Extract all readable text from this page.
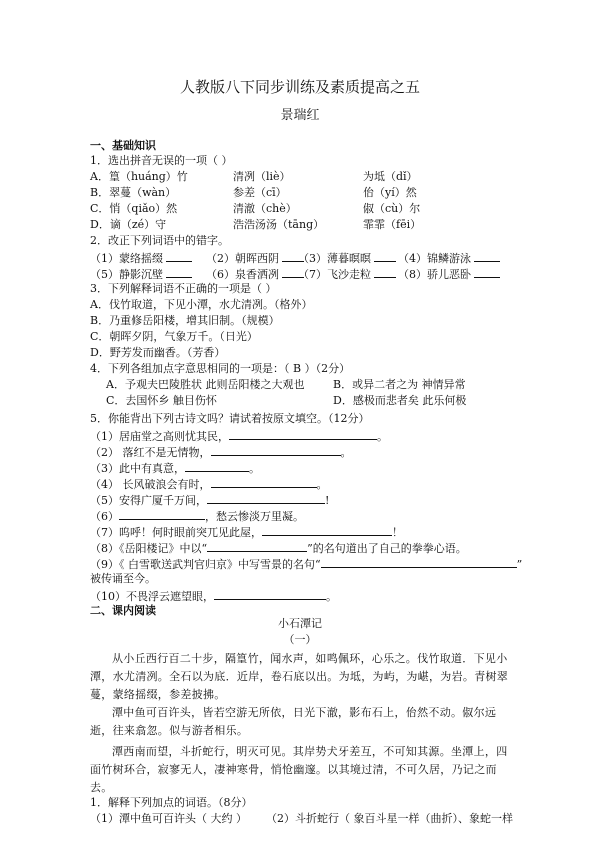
人教版八下同步训练及素质提高之五
景瑞红
一、基础知识
1．选出拼音无误的一项（ ）
A．篁（huáng）竹	清冽（liè）	为坻（dǐ）
B．翠蔓（wàn）	参差（cī）	佁（yí）然
C．悄（qiǎo）然	清澈（chè）	俶（cù）尔
D．谪（zé）守	浩浩汤汤（tāng）	霏霏（fēi）
2．改正下列词语中的错字。
（1）蒙络摇缀	（2）朝晖西阴	（3）薄暮暝暝	（4）锦鳞游泳
（5）静影沉壁	（6）泉香洒冽	（7）飞沙走粒	（8）骄儿恶卧
3．下列解释词语不正确的一项是（ ）
A．伐竹取道，下见小潭，水尤清冽。（格外）
B．乃重修岳阳楼，增其旧制。（规模）
C．朝晖夕阴，气象万千。（日光）
D．野芳发而幽香。（芳香）
4．下列各组加点字意思相同的一项是：（ B ）（2分）
A．予观夫巴陵胜状 此则岳阳楼之大观也	B．或异二者之为 神情异常
C．去国怀乡 触目伤怀	D．感极而悲者矣 此乐何极
5．你能背出下列古诗文吗？请试着按原文填空。（12分）
（1）居庙堂之高则忧其民，	。
（2） 落红不是无情物，	。
（3）此中有真意，	。
（4） 长风破浪会有时，	。
（5）安得广厦千万间，	!
（6）	，愁云惨淡万里凝。
（7）呜呼！何时眼前突兀见此屋，	！
（8）《岳阳楼记》中以“	”的名句道出了自己的拳拳心语。
（9）《 白雪歌送武判官归京》中写雪景的名句“	”
被传诵至今。
（10）不畏浮云遮望眼，	。
二、课内阅读
小石潭记
（一）
从小丘西行百二十步，隔篁竹，闻水声，如鸣佩环，心乐之。伐竹取道．下见小潭，水尤清冽。全石以为底．近岸，卷石底以出。为坻，为屿，为嵁，为岩。青树翠蔓，蒙络摇缀，参差披拂。
潭中鱼可百许头，皆若空游无所依，日光下澈，影布石上，佁然不动。俶尔远逝，往来翕忽。似与游者相乐。
潭西南而望，斗折蛇行，明灭可见。其岸势犬牙差互，不可知其源。坐潭上，四面竹树环合，寂寥无人，凄神寒骨，悄怆幽邃。以其境过清，不可久居，乃记之而去。
1．解释下列加点的词语。（8分）
（1）潭中鱼可百许头（ 大约 ） （2）斗折蛇行（ 象百斗星一样（曲折）、象蛇一样
